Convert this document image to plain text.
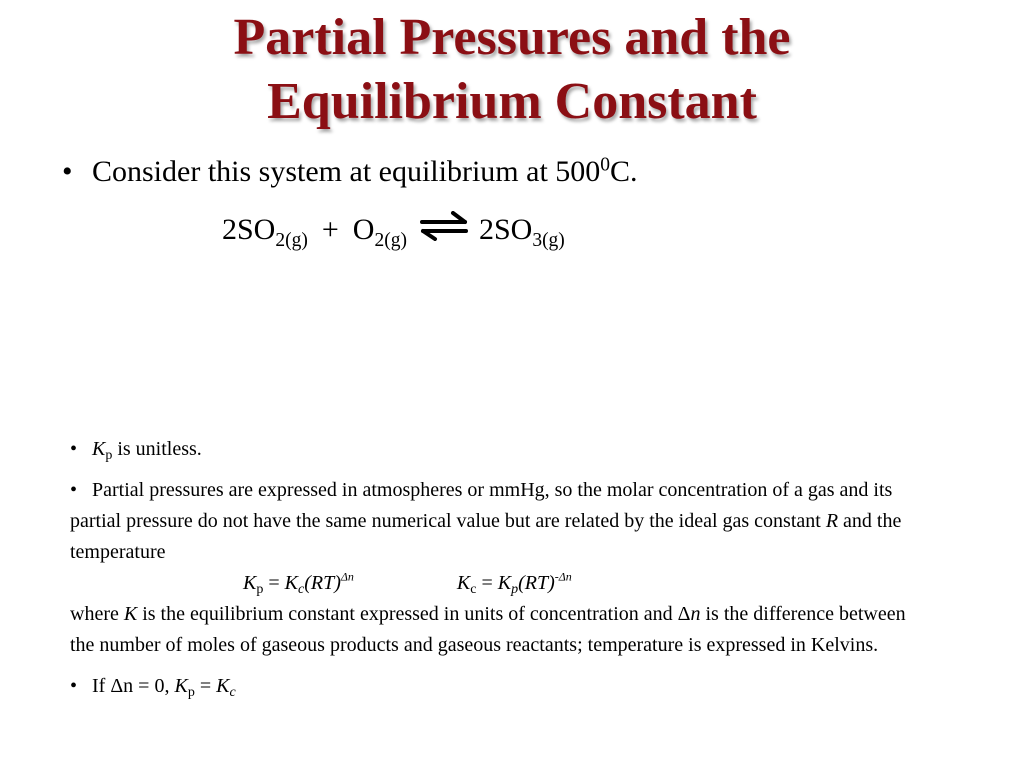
Partial Pressures and the
Equilibrium Constant
• Consider this system at equilibrium at $500^0C$.
$2SO_{2(g)} + O_{2(g)}$ ⇌ $2SO_{3(g)}$

• $K_p$ is unitless.

• Partial pressures are expressed in atmospheres or mmHg, so the molar concentration of a gas and its partial pressure do not have the same numerical value but are related by the ideal gas constant R and the temperature

$K_p = K_c(RT)^{\Delta n}$	$K_c = K_p(RT)^{-\Delta n}$

where K is the equilibrium constant expressed in units of concentration and Δn is the difference between the number of moles of gaseous products and gaseous reactants; temperature is expressed in Kelvins.

• If Δn = 0, $K_p = K_c$
